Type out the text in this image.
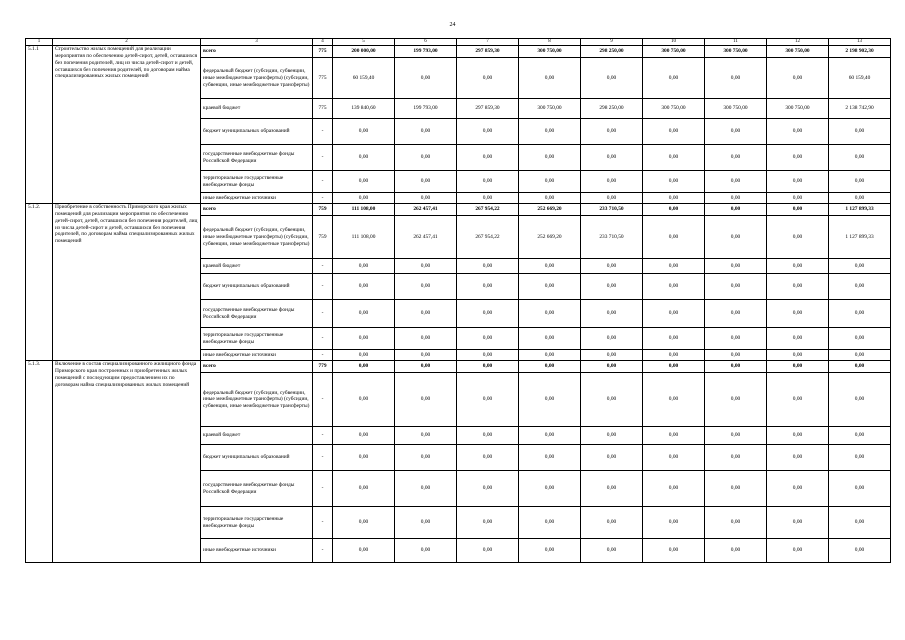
24
1	2	3	4	5	6	7	8	9	10	11	12	13
5.1.1	Строительство жилых помещений для реализации мероприятия по обеспечению детей-сирот, детей, оставшихся без попечения родителей, лиц из числа детей-сирот и детей, оставшихся без попечения родителей, по договорам найма специализированных жилых помещений	всего	775	200 000,00	199 793,00	297 859,30	300 750,00	298 250,00	300 750,00	300 750,00	300 750,00	2 198 902,30
		федеральный бюджет (субсидии, субвенции, иные межбюджетные трансферты) (субсидии, субвенции, иные межбюджетные трансферты)	775	60 159,40	0,00	0,00	0,00	0,00	0,00	0,00	0,00	60 159,40
		краевой бюджет	775	139 840,60	199 793,00	297 859,30	300 750,00	298 250,00	300 750,00	300 750,00	300 750,00	2 138 742,90
		бюджет муниципальных образований	-	0,00	0,00	0,00	0,00	0,00	0,00	0,00	0,00	0,00
		государственные внебюджетные фонды Российской Федерации	-	0,00	0,00	0,00	0,00	0,00	0,00	0,00	0,00	0,00
		территориальные государственные внебюджетные фонды	-	0,00	0,00	0,00	0,00	0,00	0,00	0,00	0,00	0,00
		иные внебюджетные источники	-	0,00	0,00	0,00	0,00	0,00	0,00	0,00	0,00	0,00
5.1.2.	Приобретение в собственность Приморского края жилых помещений для реализации мероприятия по обеспечению детей-сирот, детей, оставшихся без попечения родителей, лиц из числа детей-сирот и детей, оставшихся без попечения родителей, по договорам найма специализированных жилых помещений	всего	759	111 108,00	262 457,41	267 954,22	252 669,20	233 710,50	0,00	0,00	0,00	1 127 899,33
		федеральный бюджет (субсидии, субвенции, иные межбюджетные трансферты) (субсидии, субвенции, иные межбюджетные трансферты)	759	111 108,00	262 457,41	267 954,22	252 669,20	233 710,50	0,00	0,00	0,00	1 127 899,33
		краевой бюджет	-	0,00	0,00	0,00	0,00	0,00	0,00	0,00	0,00	0,00
		бюджет муниципальных образований	-	0,00	0,00	0,00	0,00	0,00	0,00	0,00	0,00	0,00
		государственные внебюджетные фонды Российской Федерации	-	0,00	0,00	0,00	0,00	0,00	0,00	0,00	0,00	0,00
		территориальные государственные внебюджетные фонды	-	0,00	0,00	0,00	0,00	0,00	0,00	0,00	0,00	0,00
		иные внебюджетные источники	-	0,00	0,00	0,00	0,00	0,00	0,00	0,00	0,00	0,00
5.1.3.	Включение в состав специализированного жилищного фонда Приморского края построенных и приобретенных жилых помещений с последующим предоставлением их по договорам найма специализированных жилых помещений	всего	779	0,00	0,00	0,00	0,00	0,00	0,00	0,00	0,00	0,00
		федеральный бюджет (субсидии, субвенции, иные межбюджетные трансферты) (субсидии, субвенции, иные межбюджетные трансферты)	-	0,00	0,00	0,00	0,00	0,00	0,00	0,00	0,00	0,00
		краевой бюджет	-	0,00	0,00	0,00	0,00	0,00	0,00	0,00	0,00	0,00
		бюджет муниципальных образований	-	0,00	0,00	0,00	0,00	0,00	0,00	0,00	0,00	0,00
		государственные внебюджетные фонды Российской Федерации	-	0,00	0,00	0,00	0,00	0,00	0,00	0,00	0,00	0,00
		территориальные государственные внебюджетные фонды	-	0,00	0,00	0,00	0,00	0,00	0,00	0,00	0,00	0,00
		иные внебюджетные источники	-	0,00	0,00	0,00	0,00	0,00	0,00	0,00	0,00	0,00
